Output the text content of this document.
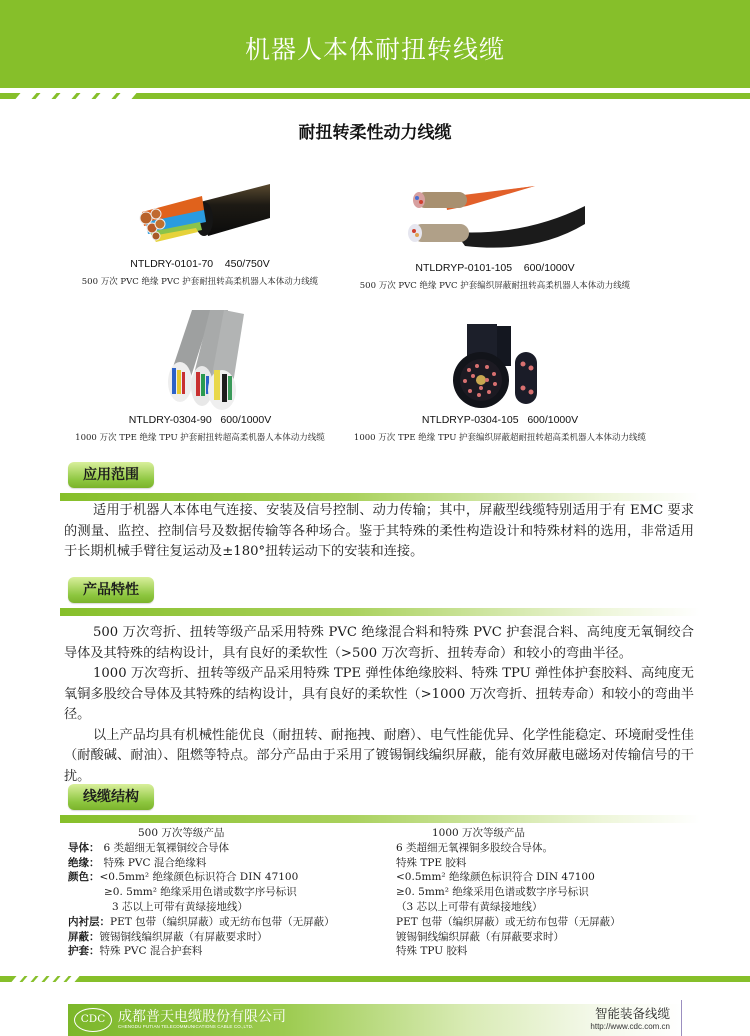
机器人本体耐扭转线缆
耐扭转柔性动力线缆
NTLDRY-0101-70    450/750V
500 万次 PVC 绝缘 PVC 护套耐扭转高柔机器人本体动力线缆
NTLDRYP-0101-105    600/1000V
500 万次 PVC 绝缘 PVC 护套编织屏蔽耐扭转高柔机器人本体动力线缆
NTLDRY-0304-90   600/1000V
1000 万次 TPE 绝缘 TPU 护套耐扭转超高柔机器人本体动力线缆
NTLDRYP-0304-105   600/1000V
1000 万次 TPE 绝缘 TPU 护套编织屏蔽超耐扭转超高柔机器人本体动力线缆
应用范围

适用于机器人本体电气连接、安装及信号控制、动力传输；其中，屏蔽型线缆特别适用于有 EMC 要求的测量、监控、控制信号及数据传输等各种场合。鉴于其特殊的柔性构造设计和特殊材料的选用，非常适用于长期机械手臂往复运动及±180°扭转运动下的安装和连接。

产品特性

500 万次弯折、扭转等级产品采用特殊 PVC 绝缘混合料和特殊 PVC 护套混合料、高纯度无氧铜绞合导体及其特殊的结构设计，具有良好的柔软性（>500 万次弯折、扭转寿命）和较小的弯曲半径。

1000 万次弯折、扭转等级产品采用特殊 TPE 弹性体绝缘胶料、特殊 TPU 弹性体护套胶料、高纯度无氧铜多股绞合导体及其特殊的结构设计，具有良好的柔软性（>1000 万次弯折、扭转寿命）和较小的弯曲半径。

以上产品均具有机械性能优良（耐扭转、耐拖拽、耐磨）、电气性能优异、化学性能稳定、环境耐受性佳（耐酸碱、耐油）、阻燃等特点。部分产品由于采用了镀锡铜线编织屏蔽，能有效屏蔽电磁场对传输信号的干扰。

线缆结构
500 万次等级产品
导体： 6 类超细无氧裸铜绞合导体
绝缘： 特殊 PVC 混合绝缘料
颜色：<0.5mm² 绝缘颜色标识符合 DIN 47100
≥0. 5mm² 绝缘采用色谱或数字序号标识
3 芯以上可带有黄绿接地线）
内衬层：PET 包带（编织屏蔽）或无纺布包带（无屏蔽）
屏蔽：镀锡铜线编织屏蔽（有屏蔽要求时）
护套：特殊 PVC 混合护套料
1000 万次等级产品
6 类超细无氧裸铜多股绞合导体。
特殊 TPE 胶料
<0.5mm² 绝缘颜色标识符合 DIN 47100
≥0. 5mm² 绝缘采用色谱或数字序号标识
（3 芯以上可带有黄绿接地线）
PET 包带（编织屏蔽）或无纺布包带（无屏蔽）
镀锡铜线编织屏蔽（有屏蔽要求时）
特殊 TPU 胶料
CDC 成都普天电缆股份有限公司
CHENGDU PUTIAN TELECOMMUNICATIONS CABLE CO.,LTD.
智能装备线缆
http://www.cdc.com.cn
